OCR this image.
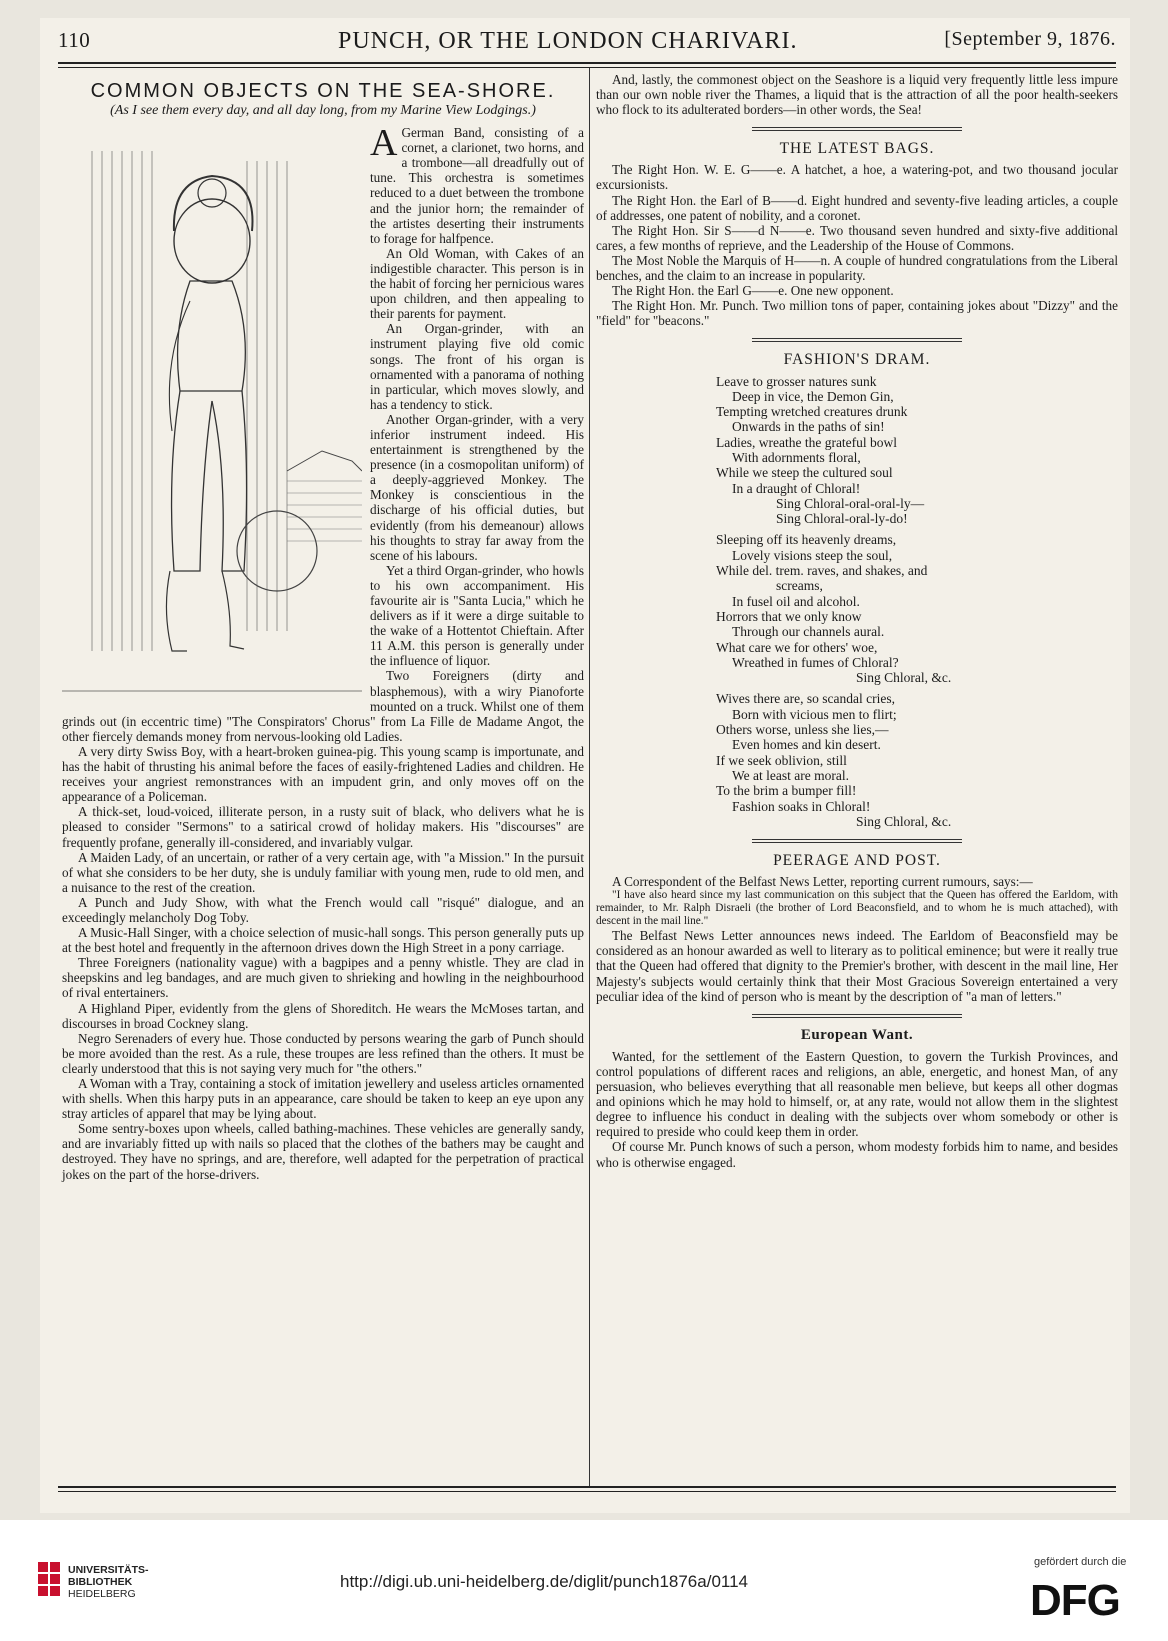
110	PUNCH, OR THE LONDON CHARIVARI.	[September 9, 1876.
COMMON OBJECTS ON THE SEA-SHORE.
(As I see them every day, and all day long, from my Marine View Lodgings.)

A German Band, consisting of a cornet, a clarionet, two horns, and a trombone—all dreadfully out of tune. This orchestra is sometimes reduced to a duet between the trombone and the junior horn; the remainder of the artistes deserting their instruments to forage for halfpence.

An Old Woman, with Cakes of an indigestible character. This person is in the habit of forcing her pernicious wares upon children, and then appealing to their parents for payment.

An Organ-grinder, with an instrument playing five old comic songs. The front of his organ is ornamented with a panorama of nothing in particular, which moves slowly, and has a tendency to stick.

Another Organ-grinder, with a very inferior instrument indeed. His entertainment is strengthened by the presence (in a cosmopolitan uniform) of a deeply-aggrieved Monkey. The Monkey is conscientious in the discharge of his official duties, but evidently (from his demeanour) allows his thoughts to stray far away from the scene of his labours.

Yet a third Organ-grinder, who howls to his own accompaniment. His favourite air is "Santa Lucia," which he delivers as if it were a dirge suitable to the wake of a Hottentot Chieftain. After 11 A.M. this person is generally under the influence of liquor.

Two Foreigners (dirty and blasphemous), with a wiry Pianoforte mounted on a truck. Whilst one of them grinds out (in eccentric time) "The Conspirators' Chorus" from La Fille de Madame Angot, the other fiercely demands money from nervous-looking old Ladies.

A very dirty Swiss Boy, with a heart-broken guinea-pig. This young scamp is importunate, and has the habit of thrusting his animal before the faces of easily-frightened Ladies and children. He receives your angriest remonstrances with an impudent grin, and only moves off on the appearance of a Policeman.

A thick-set, loud-voiced, illiterate person, in a rusty suit of black, who delivers what he is pleased to consider "Sermons" to a satirical crowd of holiday makers. His "discourses" are frequently profane, generally ill-considered, and invariably vulgar.

A Maiden Lady, of an uncertain, or rather of a very certain age, with "a Mission." In the pursuit of what she considers to be her duty, she is unduly familiar with young men, rude to old men, and a nuisance to the rest of the creation.

A Punch and Judy Show, with what the French would call "risqué" dialogue, and an exceedingly melancholy Dog Toby.

A Music-Hall Singer, with a choice selection of music-hall songs. This person generally puts up at the best hotel and frequently in the afternoon drives down the High Street in a pony carriage.

Three Foreigners (nationality vague) with a bagpipes and a penny whistle. They are clad in sheepskins and leg bandages, and are much given to shrieking and howling in the neighbourhood of rival entertainers.

A Highland Piper, evidently from the glens of Shoreditch. He wears the McMoses tartan, and discourses in broad Cockney slang.

Negro Serenaders of every hue. Those conducted by persons wearing the garb of Punch should be more avoided than the rest. As a rule, these troupes are less refined than the others. It must be clearly understood that this is not saying very much for "the others."

A Woman with a Tray, containing a stock of imitation jewellery and useless articles ornamented with shells. When this harpy puts in an appearance, care should be taken to keep an eye upon any stray articles of apparel that may be lying about.

Some sentry-boxes upon wheels, called bathing-machines. These vehicles are generally sandy, and are invariably fitted up with nails so placed that the clothes of the bathers may be caught and destroyed. They have no springs, and are, therefore, well adapted for the perpetration of practical jokes on the part of the horse-drivers.

And, lastly, the commonest object on the Seashore is a liquid very frequently little less impure than our own noble river the Thames, a liquid that is the attraction of all the poor health-seekers who flock to its adulterated borders—in other words, the Sea!

THE LATEST BAGS.

The Right Hon. W. E. G——e. A hatchet, a hoe, a watering-pot, and two thousand jocular excursionists.

The Right Hon. the Earl of B——d. Eight hundred and seventy-five leading articles, a couple of addresses, one patent of nobility, and a coronet.

The Right Hon. Sir S——d N——e. Two thousand seven hundred and sixty-five additional cares, a few months of reprieve, and the Leadership of the House of Commons.

The Most Noble the Marquis of H——n. A couple of hundred congratulations from the Liberal benches, and the claim to an increase in popularity.

The Right Hon. the Earl G——e. One new opponent.

The Right Hon. Mr. Punch. Two million tons of paper, containing jokes about "Dizzy" and the "field" for "beacons."

FASHION'S DRAM.
Leave to grosser natures sunk
Deep in vice, the Demon Gin,
Tempting wretched creatures drunk
Onwards in the paths of sin!
Ladies, wreathe the grateful bowl
With adornments floral,
While we steep the cultured soul
In a draught of Chloral!
Sing Chloral-oral-oral-ly—
Sing Chloral-oral-ly-do!
Sleeping off its heavenly dreams,
Lovely visions steep the soul,
While del. trem. raves, and shakes, and
screams,
In fusel oil and alcohol.
Horrors that we only know
Through our channels aural.
What care we for others' woe,
Wreathed in fumes of Chloral?
Sing Chloral, &c.
Wives there are, so scandal cries,
Born with vicious men to flirt;
Others worse, unless she lies,—
Even homes and kin desert.
If we seek oblivion, still
We at least are moral.
To the brim a bumper fill!
Fashion soaks in Chloral!
Sing Chloral, &c.
PEERAGE AND POST.

A Correspondent of the Belfast News Letter, reporting current rumours, says:—

"I have also heard since my last communication on this subject that the Queen has offered the Earldom, with remainder, to Mr. Ralph Disraeli (the brother of Lord Beaconsfield, and to whom he is much attached), with descent in the mail line."

The Belfast News Letter announces news indeed. The Earldom of Beaconsfield may be considered as an honour awarded as well to literary as to political eminence; but were it really true that the Queen had offered that dignity to the Premier's brother, with descent in the mail line, Her Majesty's subjects would certainly think that their Most Gracious Sovereign entertained a very peculiar idea of the kind of person who is meant by the description of "a man of letters."

European Want.

Wanted, for the settlement of the Eastern Question, to govern the Turkish Provinces, and control populations of different races and religions, an able, energetic, and honest Man, of any persuasion, who believes everything that all reasonable men believe, but keeps all other dogmas and opinions which he may hold to himself, or, at any rate, would not allow them in the slightest degree to influence his conduct in dealing with the subjects over whom somebody or other is required to preside who could keep them in order.

Of course Mr. Punch knows of such a person, whom modesty forbids him to name, and besides who is otherwise engaged.

UNIVERSITÄTS-
BIBLIOTHEK
HEIDELBERG
http://digi.ub.uni-heidelberg.de/diglit/punch1876a/0114
gefördert durch die
DFG
